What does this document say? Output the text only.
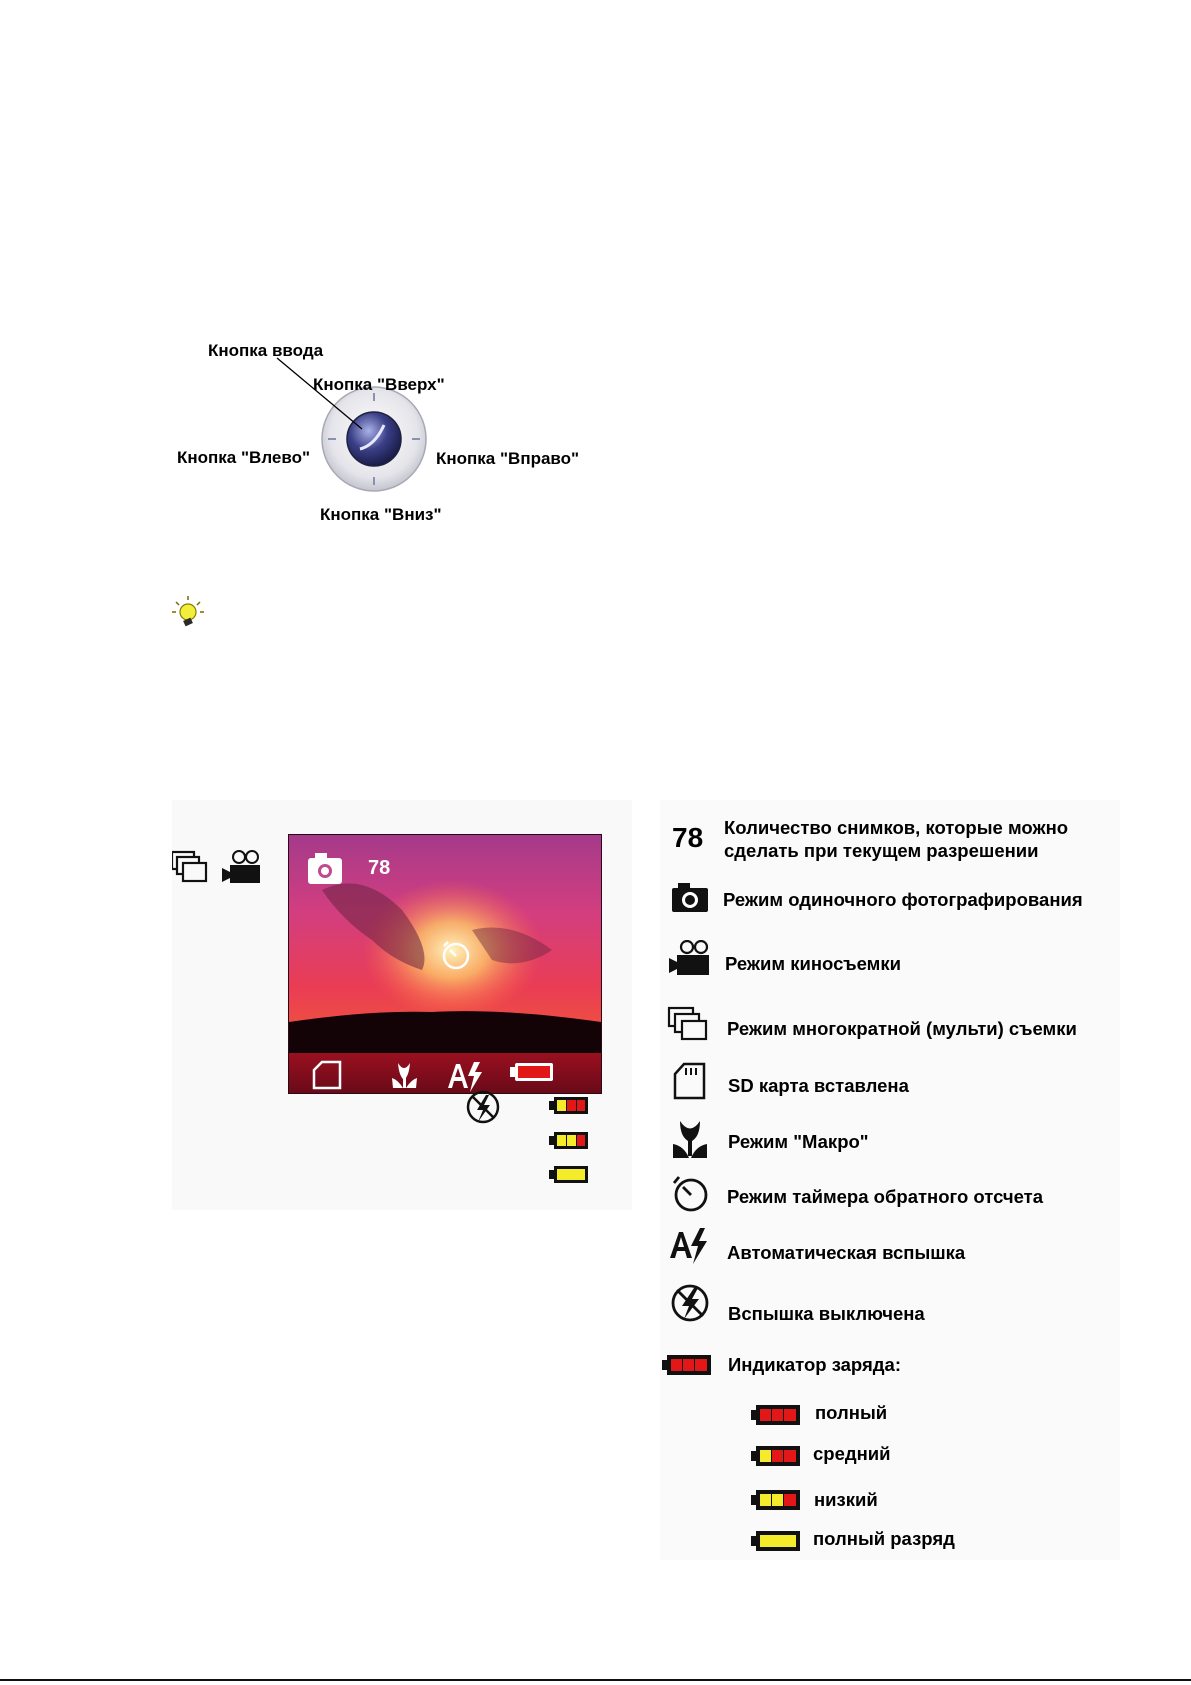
Кнопка ввода
Кнопка "Вверх"
Кнопка "Влево"	Кнопка "Вправо"
Кнопка "Вниз"
78
78 Количество снимков, которые можно сделать при текущем разрешении
Режим одиночного фотографирования
Режим киносъемки
Режим многократной (мульти) съемки
SD карта вставлена
Режим "Макро"
Режим таймера обратного отсчета
Автоматическая вспышка
Вспышка выключена
Индикатор заряда:
полный
средний
низкий
полный разряд
